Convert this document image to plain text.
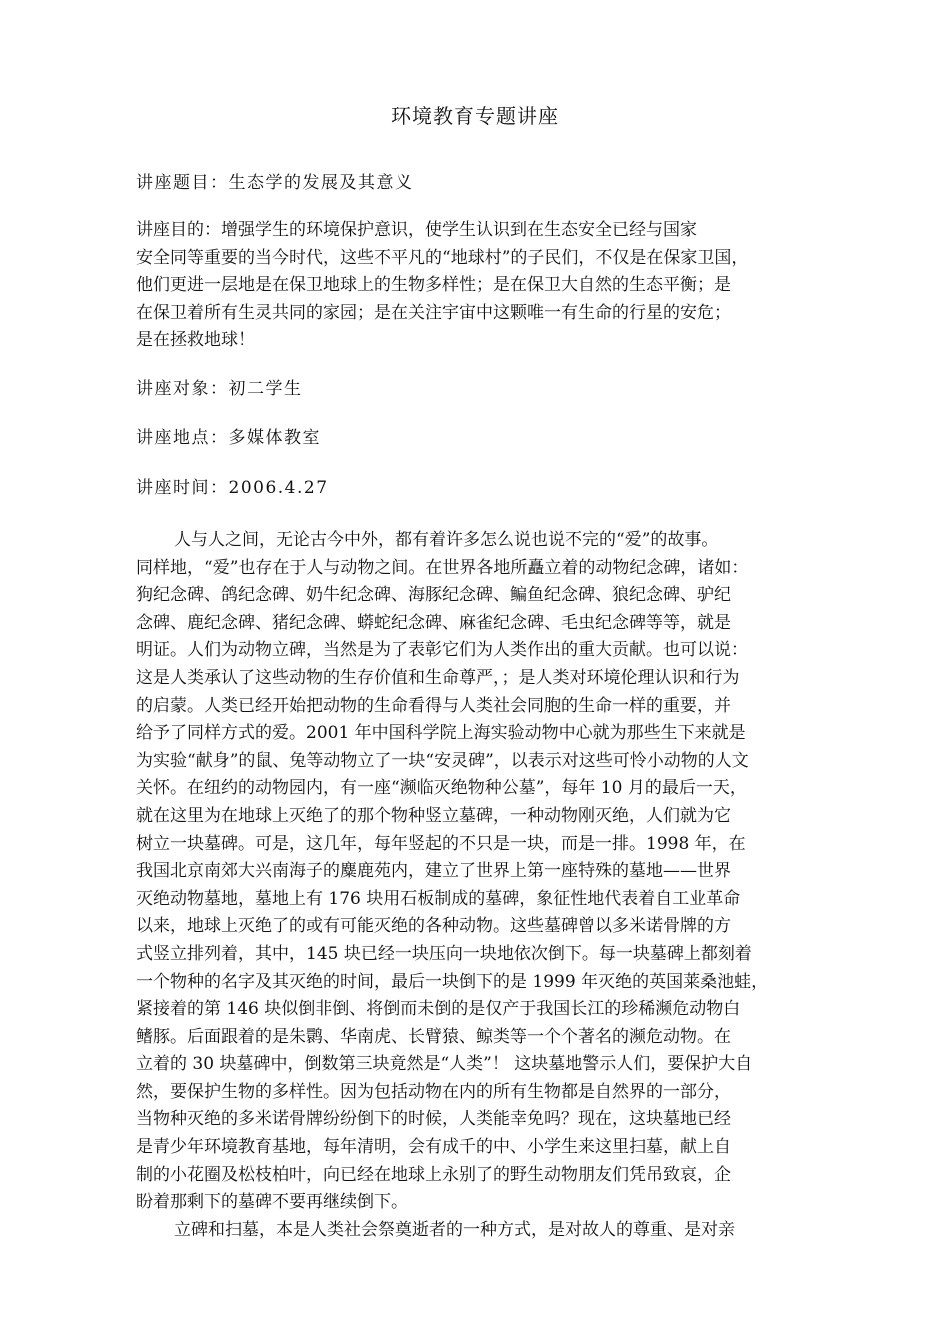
环境教育专题讲座
讲座题目：生态学的发展及其意义
讲座目的：增强学生的环境保护意识，使学生认识到在生态安全已经与国家
安全同等重要的当今时代，这些不平凡的“地球村”的子民们，不仅是在保家卫国，
他们更进一层地是在保卫地球上的生物多样性；是在保卫大自然的生态平衡；是
在保卫着所有生灵共同的家园；是在关注宇宙中这颗唯一有生命的行星的安危；
是在拯救地球！
讲座对象：初二学生
讲座地点：多媒体教室
讲座时间：2006.4.27
人与人之间，无论古今中外，都有着许多怎么说也说不完的“爱”的故事。
同样地，“爱”也存在于人与动物之间。在世界各地所矗立着的动物纪念碑，诸如：
狗纪念碑、鸽纪念碑、奶牛纪念碑、海豚纪念碑、鳊鱼纪念碑、狼纪念碑、驴纪
念碑、鹿纪念碑、猪纪念碑、蟒蛇纪念碑、麻雀纪念碑、毛虫纪念碑等等，就是
明证。人们为动物立碑，当然是为了表彰它们为人类作出的重大贡献。也可以说：
这是人类承认了这些动物的生存价值和生命尊严，；是人类对环境伦理认识和行为
的启蒙。人类已经开始把动物的生命看得与人类社会同胞的生命一样的重要，并
给予了同样方式的爱。2001 年中国科学院上海实验动物中心就为那些生下来就是
为实验“献身”的鼠、兔等动物立了一块“安灵碑”，以表示对这些可怜小动物的人文
关怀。在纽约的动物园内，有一座“濒临灭绝物种公墓”，每年 10 月的最后一天，
就在这里为在地球上灭绝了的那个物种竖立墓碑，一种动物刚灭绝，人们就为它
树立一块墓碑。可是，这几年，每年竖起的不只是一块，而是一排。1998 年，在
我国北京南郊大兴南海子的麋鹿苑内，建立了世界上第一座特殊的墓地——世界
灭绝动物墓地，墓地上有 176 块用石板制成的墓碑，象征性地代表着自工业革命
以来，地球上灭绝了的或有可能灭绝的各种动物。这些墓碑曾以多米诺骨牌的方
式竖立排列着，其中，145 块已经一块压向一块地依次倒下。每一块墓碑上都刻着
一个物种的名字及其灭绝的时间，最后一块倒下的是 1999 年灭绝的英国莱桑池蛙，
紧接着的第 146 块似倒非倒、将倒而未倒的是仅产于我国长江的珍稀濒危动物白
鳍豚。后面跟着的是朱鹮、华南虎、长臂猿、鲸类等一个个著名的濒危动物。在
立着的 30 块墓碑中，倒数第三块竟然是“人类”！ 这块墓地警示人们，要保护大自
然，要保护生物的多样性。因为包括动物在内的所有生物都是自然界的一部分，
当物种灭绝的多米诺骨牌纷纷倒下的时候，人类能幸免吗？现在，这块墓地已经
是青少年环境教育基地，每年清明，会有成千的中、小学生来这里扫墓，献上自
制的小花圈及松枝柏叶，向已经在地球上永别了的野生动物朋友们凭吊致哀，企
盼着那剩下的墓碑不要再继续倒下。
立碑和扫墓，本是人类社会祭奠逝者的一种方式，是对故人的尊重、是对亲
